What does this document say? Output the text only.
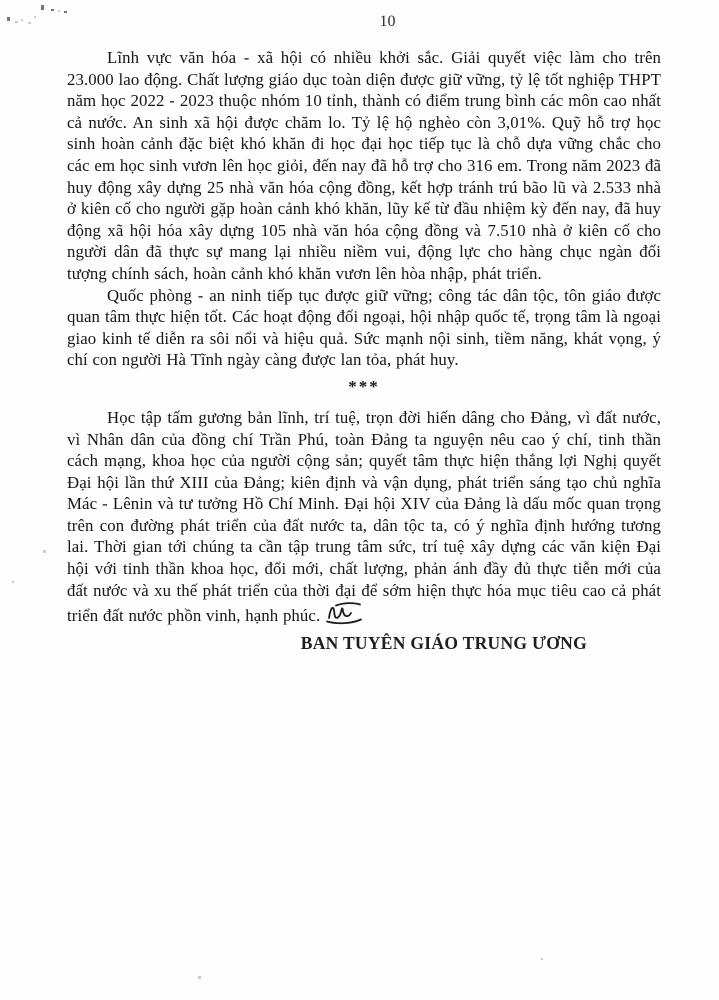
10

Lĩnh vực văn hóa - xã hội có nhiều khởi sắc. Giải quyết việc làm cho trên 23.000 lao động. Chất lượng giáo dục toàn diện được giữ vững, tỷ lệ tốt nghiệp THPT năm học 2022 - 2023 thuộc nhóm 10 tỉnh, thành có điểm trung bình các môn cao nhất cả nước. An sinh xã hội được chăm lo. Tỷ lệ hộ nghèo còn 3,01%. Quỹ hỗ trợ học sinh hoàn cảnh đặc biệt khó khăn đi học đại học tiếp tục là chỗ dựa vững chắc cho các em học sinh vươn lên học giỏi, đến nay đã hỗ trợ cho 316 em. Trong năm 2023 đã huy động xây dựng 25 nhà văn hóa cộng đồng, kết hợp tránh trú bão lũ và 2.533 nhà ở kiên cố cho người gặp hoàn cảnh khó khăn, lũy kế từ đầu nhiệm kỳ đến nay, đã huy động xã hội hóa xây dựng 105 nhà văn hóa cộng đồng và 7.510 nhà ở kiên cố cho người dân đã thực sự mang lại nhiều niềm vui, động lực cho hàng chục ngàn đối tượng chính sách, hoàn cảnh khó khăn vươn lên hòa nhập, phát triển.

Quốc phòng - an ninh tiếp tục được giữ vững; công tác dân tộc, tôn giáo được quan tâm thực hiện tốt. Các hoạt động đối ngoại, hội nhập quốc tế, trọng tâm là ngoại giao kinh tế diễn ra sôi nổi và hiệu quả. Sức mạnh nội sinh, tiềm năng, khát vọng, ý chí con người Hà Tĩnh ngày càng được lan tỏa, phát huy.

***

Học tập tấm gương bản lĩnh, trí tuệ, trọn đời hiến dâng cho Đảng, vì đất nước, vì Nhân dân của đồng chí Trần Phú, toàn Đảng ta nguyện nêu cao ý chí, tinh thần cách mạng, khoa học của người cộng sản; quyết tâm thực hiện thắng lợi Nghị quyết Đại hội lần thứ XIII của Đảng; kiên định và vận dụng, phát triển sáng tạo chủ nghĩa Mác - Lênin và tư tưởng Hồ Chí Minh. Đại hội XIV của Đảng là dấu mốc quan trọng trên con đường phát triển của đất nước ta, dân tộc ta, có ý nghĩa định hướng tương lai. Thời gian tới chúng ta cần tập trung tâm sức, trí tuệ xây dựng các văn kiện Đại hội với tinh thần khoa học, đổi mới, chất lượng, phản ánh đầy đủ thực tiễn mới của đất nước và xu thế phát triển của thời đại để sớm hiện thực hóa mục tiêu cao cả phát triển đất nước phồn vinh, hạnh phúc.

BAN TUYÊN GIÁO TRUNG ƯƠNG
